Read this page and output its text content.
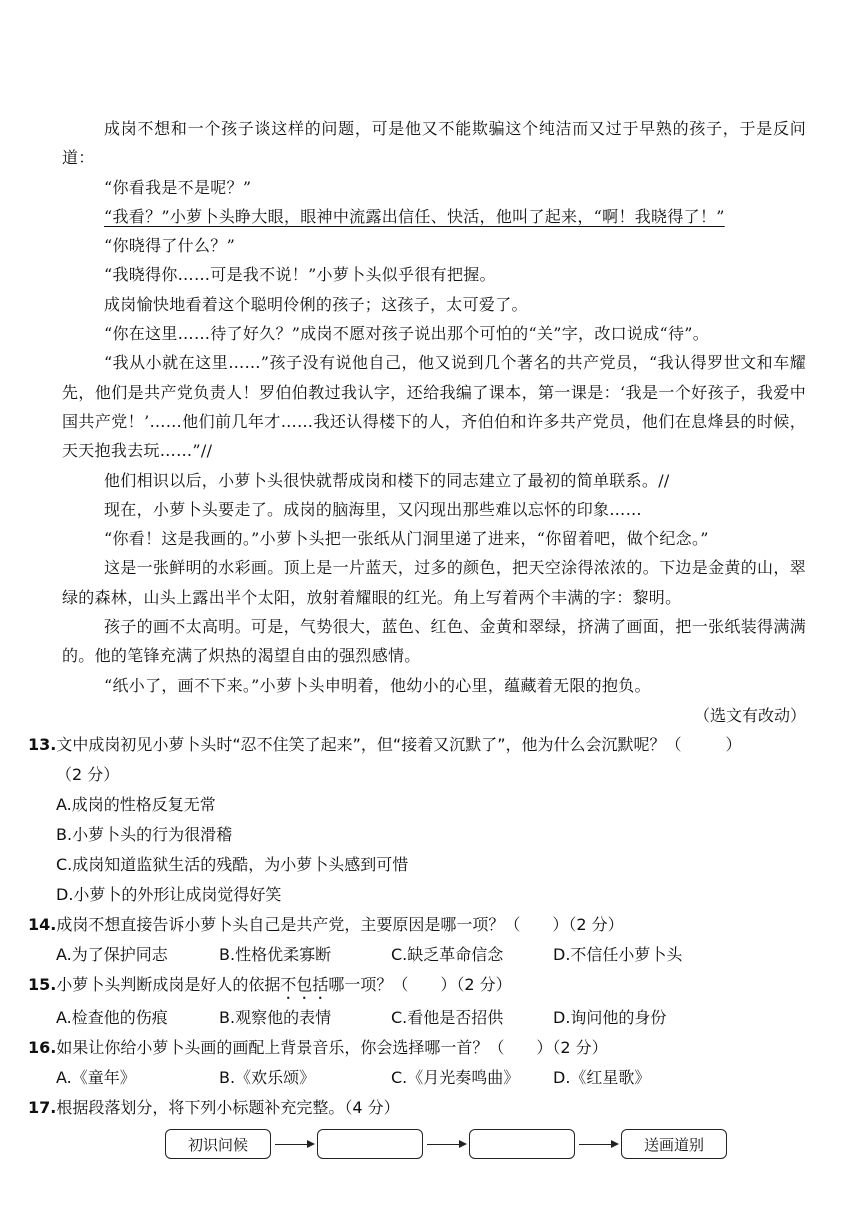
成岗不想和一个孩子谈这样的问题，可是他又不能欺骗这个纯洁而又过于早熟的孩子，于是反问道：

“你看我是不是呢？”

“我看？”小萝卜头睁大眼，眼神中流露出信任、快活，他叫了起来，“啊！我晓得了！”

“你晓得了什么？”

“我晓得你……可是我不说！”小萝卜头似乎很有把握。

成岗愉快地看着这个聪明伶俐的孩子；这孩子，太可爱了。

“你在这里……待了好久？”成岗不愿对孩子说出那个可怕的“关”字，改口说成“待”。

“我从小就在这里……”孩子没有说他自己，他又说到几个著名的共产党员，“我认得罗世文和车耀先，他们是共产党负责人！罗伯伯教过我认字，还给我编了课本，第一课是：‘我是一个好孩子，我爱中国共产党！’……他们前几年才……我还认得楼下的人，齐伯伯和许多共产党员，他们在息烽县的时候，天天抱我去玩……”//

他们相识以后，小萝卜头很快就帮成岗和楼下的同志建立了最初的简单联系。//

现在，小萝卜头要走了。成岗的脑海里，又闪现出那些难以忘怀的印象……

“你看！这是我画的。”小萝卜头把一张纸从门洞里递了进来，“你留着吧，做个纪念。”

这是一张鲜明的水彩画。顶上是一片蓝天，过多的颜色，把天空涂得浓浓的。下边是金黄的山，翠绿的森林，山头上露出半个太阳，放射着耀眼的红光。角上写着两个丰满的字：黎明。

孩子的画不太高明。可是，气势很大，蓝色、红色、金黄和翠绿，挤满了画面，把一张纸装得满满的。他的笔锋充满了炽热的渴望自由的强烈感情。

“纸小了，画不下来。”小萝卜头申明着，他幼小的心里，蕴藏着无限的抱负。

（选文有改动）

13.文中成岗初见小萝卜头时“忍不住笑了起来”，但“接着又沉默了”，他为什么会沉默呢？（	）

（2 分）

A.成岗的性格反复无常

B.小萝卜头的行为很滑稽

C.成岗知道监狱生活的残酷，为小萝卜头感到可惜

D.小萝卜的外形让成岗觉得好笑

14.成岗不想直接告诉小萝卜头自己是共产党，主要原因是哪一项？（　　）（2 分）

A.为了保护同志	B.性格优柔寡断	C.缺乏革命信念	D.不信任小萝卜头

15.小萝卜头判断成岗是好人的依据不包括哪一项？（　　）（2 分）

A.检查他的伤痕	B.观察他的表情	C.看他是否招供	D.询问他的身份

16.如果让你给小萝卜头画的画配上背景音乐，你会选择哪一首？（　　）（2 分）

A.《童年》	B.《欢乐颂》	C.《月光奏鸣曲》	D.《红星歌》

17.根据段落划分，将下列小标题补充完整。（4 分）

初识问候	送画道别
